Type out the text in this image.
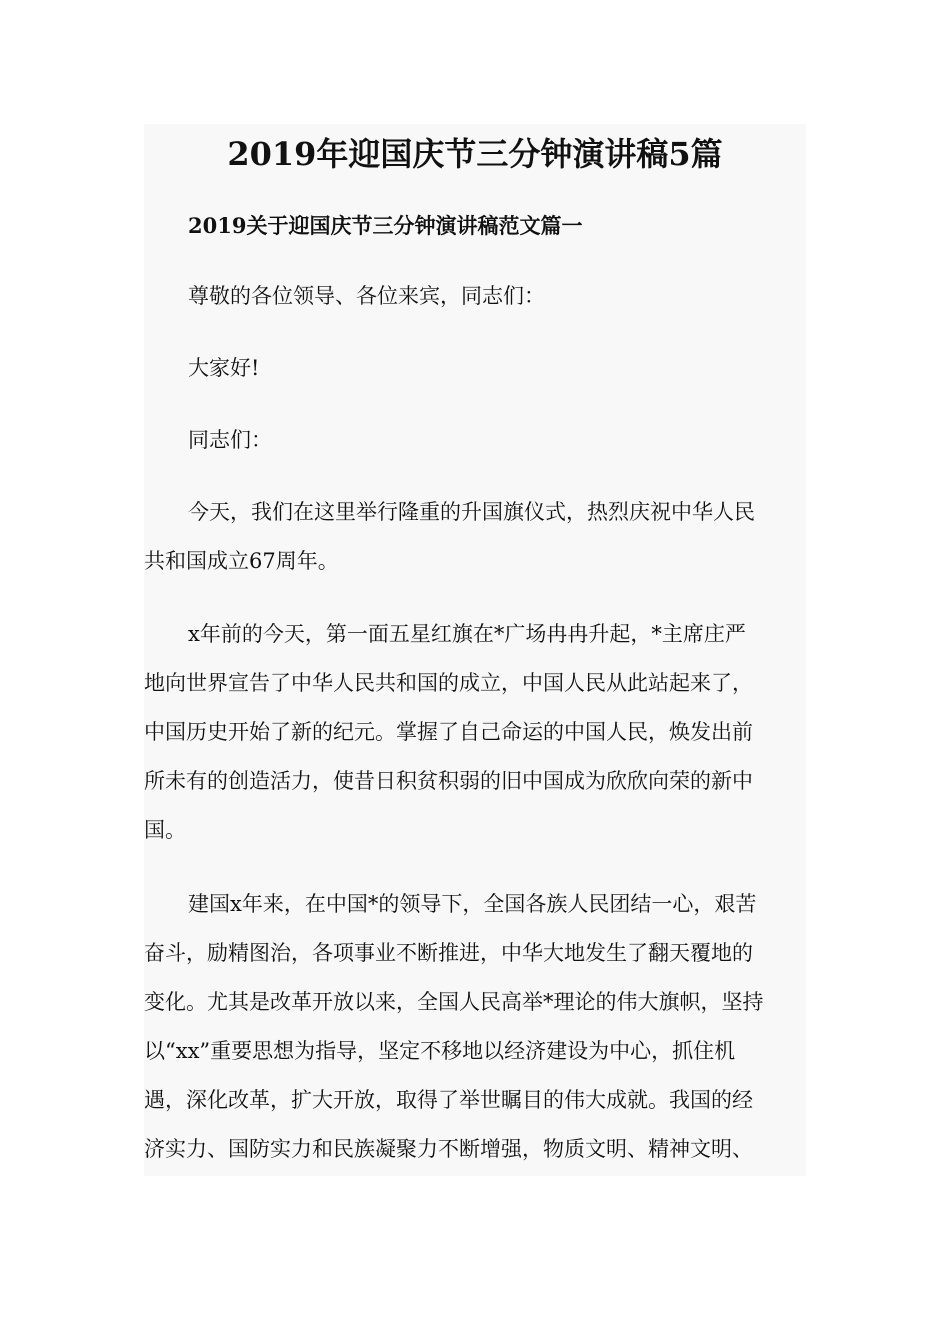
2019年迎国庆节三分钟演讲稿5篇
2019关于迎国庆节三分钟演讲稿范文篇一

尊敬的各位领导、各位来宾，同志们：

大家好!

同志们：

今天，我们在这里举行隆重的升国旗仪式，热烈庆祝中华人民
共和国成立67周年。

x年前的今天，第一面五星红旗在*广场冉冉升起，*主席庄严
地向世界宣告了中华人民共和国的成立，中国人民从此站起来了，
中国历史开始了新的纪元。掌握了自己命运的中国人民，焕发出前
所未有的创造活力，使昔日积贫积弱的旧中国成为欣欣向荣的新中
国。

建国x年来，在中国*的领导下，全国各族人民团结一心，艰苦
奋斗，励精图治，各项事业不断推进，中华大地发生了翻天覆地的
变化。尤其是改革开放以来，全国人民高举*理论的伟大旗帜，坚持
以“xx”重要思想为指导，坚定不移地以经济建设为中心，抓住机
遇，深化改革，扩大开放，取得了举世瞩目的伟大成就。我国的经
济实力、国防实力和民族凝聚力不断增强，物质文明、精神文明、
